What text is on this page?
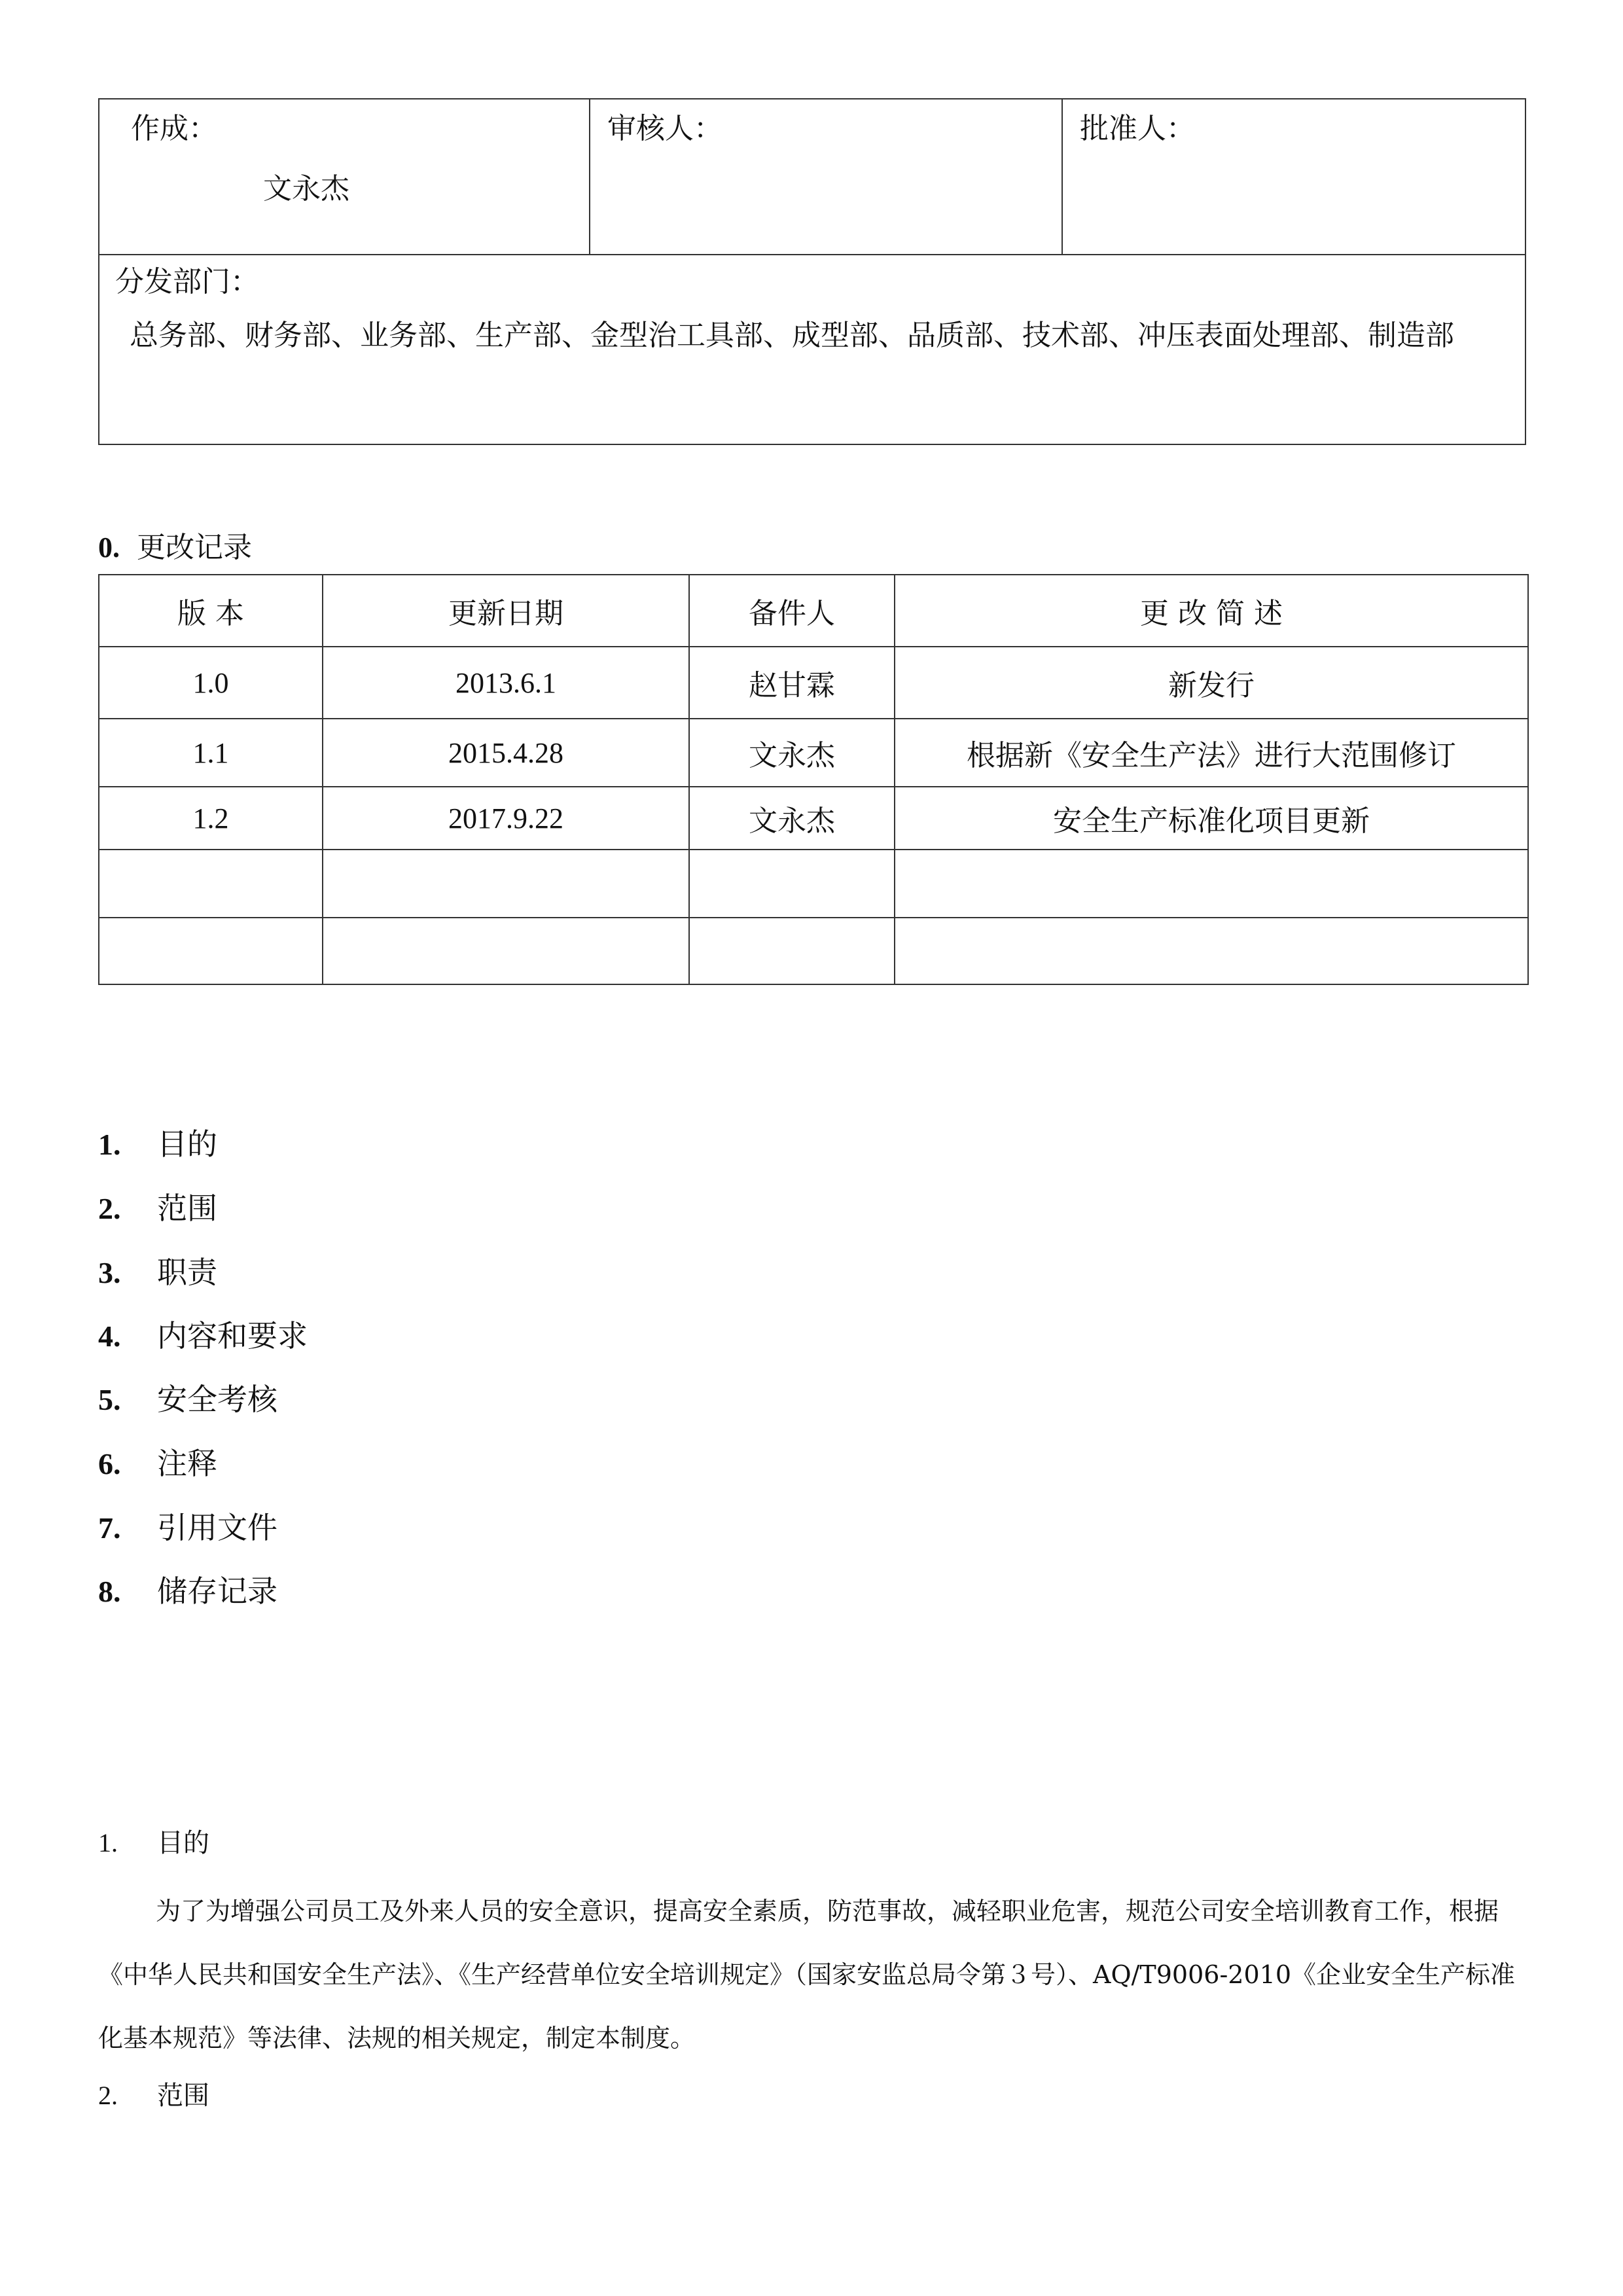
作成：
文永杰

审核人：	批准人：

分发部门：
总务部、财务部、业务部、生产部、金型治工具部、成型部、品质部、技术部、冲压表面处理部、制造部
0. 更改记录
版 本	更新日期	备件人	更 改 简 述
1.0	2013.6.1	赵甘霖	新发行
1.1	2015.4.28	文永杰	根据新《安全生产法》进行大范围修订
1.2	2017.9.22	文永杰	安全生产标准化项目更新

1. 目的
2. 范围
3. 职责
4. 内容和要求
5. 安全考核
6. 注释
7. 引用文件
8. 储存记录
1. 目的
为了为增强公司员工及外来人员的安全意识，提高安全素质，防范事故，减轻职业危害，规范公司安全培训教育工作，根据《中华人民共和国安全生产法》、《生产经营单位安全培训规定》（国家安监总局令第３号）、AQ/T9006-2010《企业安全生产标准化基本规范》等法律、法规的相关规定，制定本制度。
2. 范围
